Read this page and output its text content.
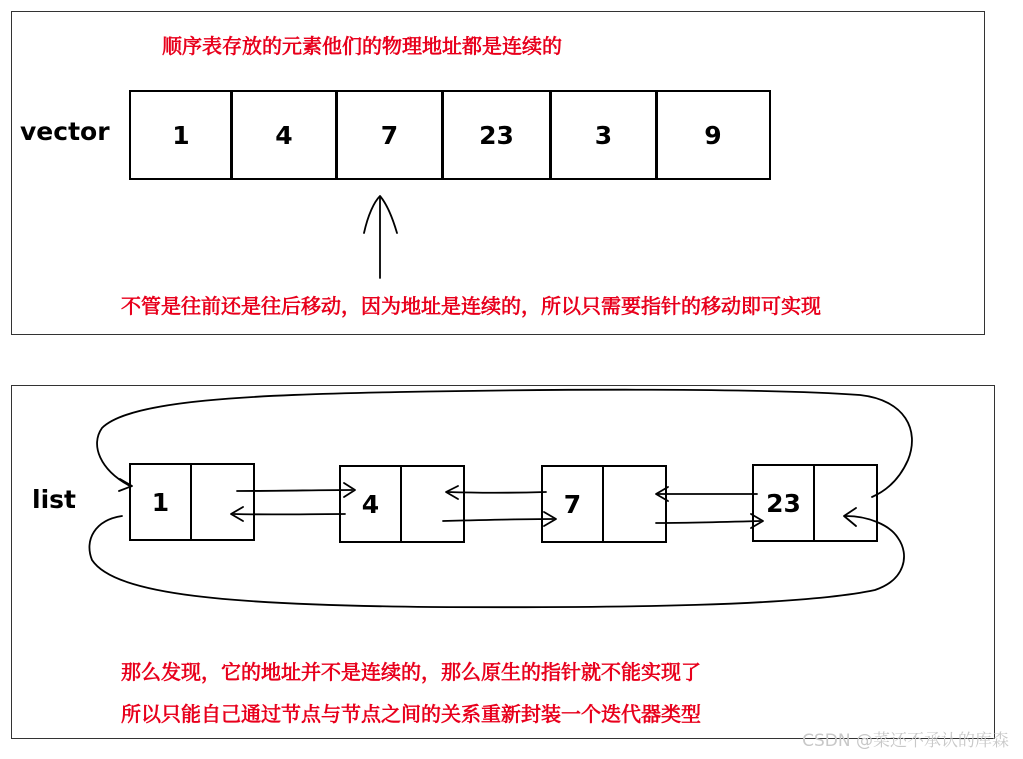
顺序表存放的元素他们的物理地址都是连续的
vector	1	4	7	23	3	9
不管是往前还是往后移动，因为地址是连续的，所以只需要指针的移动即可实现
list	1	4	7	23
那么发现，它的地址并不是连续的，那么原生的指针就不能实现了
所以只能自己通过节点与节点之间的关系重新封装一个迭代器类型
CSDN @菜还不承认的库森
